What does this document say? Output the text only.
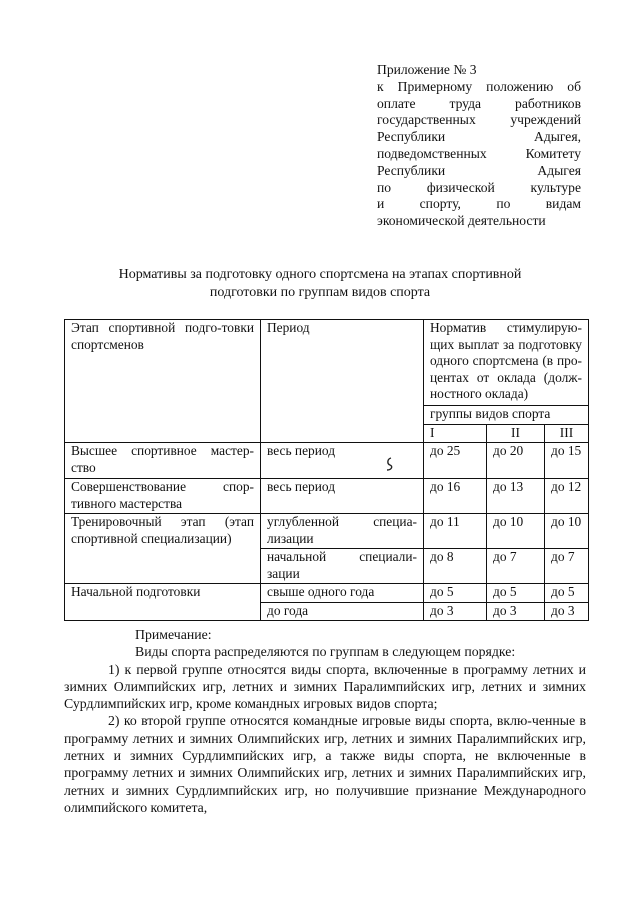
Приложение № 3
к Примерному положению об
оплате труда работников
государственных учреждений
Республики Адыгея,
подведомственных Комитету
Республики Адыгея
по физической культуре
и спорту, по видам
экономической деятельности
Нормативы за подготовку одного спортсмена на этапах спортивной
подготовки по группам видов спорта
Этап спортивной подго-товки спортсменов	Период	Норматив стимулирую-щих выплат за подготовку одного спортсмена (в про-центах от оклада (долж-ностного оклада)		

		группы видов спорта		
		I	II	III

Высшее спортивное мастер-ство	весь период	до 25	до 20	до 15

Совершенствование спор-тивного мастерства	весь период	до 16	до 13	до 12

Тренировочный этап (этап спортивной специализации)	углубленной специа-лизации	до 11	до 10	до 10

	начальной специали-зации	до 8	до 7	до 7
Начальной подготовки	свыше одного года	до 5	до 5	до 5
	до года	до 3	до 3	до 3

Примечание:

Виды спорта распределяются по группам в следующем порядке:

1) к первой группе относятся виды спорта, включенные в программу летних и зимних Олимпийских игр, летних и зимних Паралимпийских игр, летних и зимних Сурдлимпийских игр, кроме командных игровых видов спорта;

2) ко второй группе относятся командные игровые виды спорта, вклю-ченные в программу летних и зимних Олимпийских игр, летних и зимних Паралимпийских игр, летних и зимних Сурдлимпийских игр, а также виды спорта, не включенные в программу летних и зимних Олимпийских игр, летних и зимних Паралимпийских игр, летних и зимних Сурдлимпийских игр, но получившие признание Международного олимпийского комитета,
